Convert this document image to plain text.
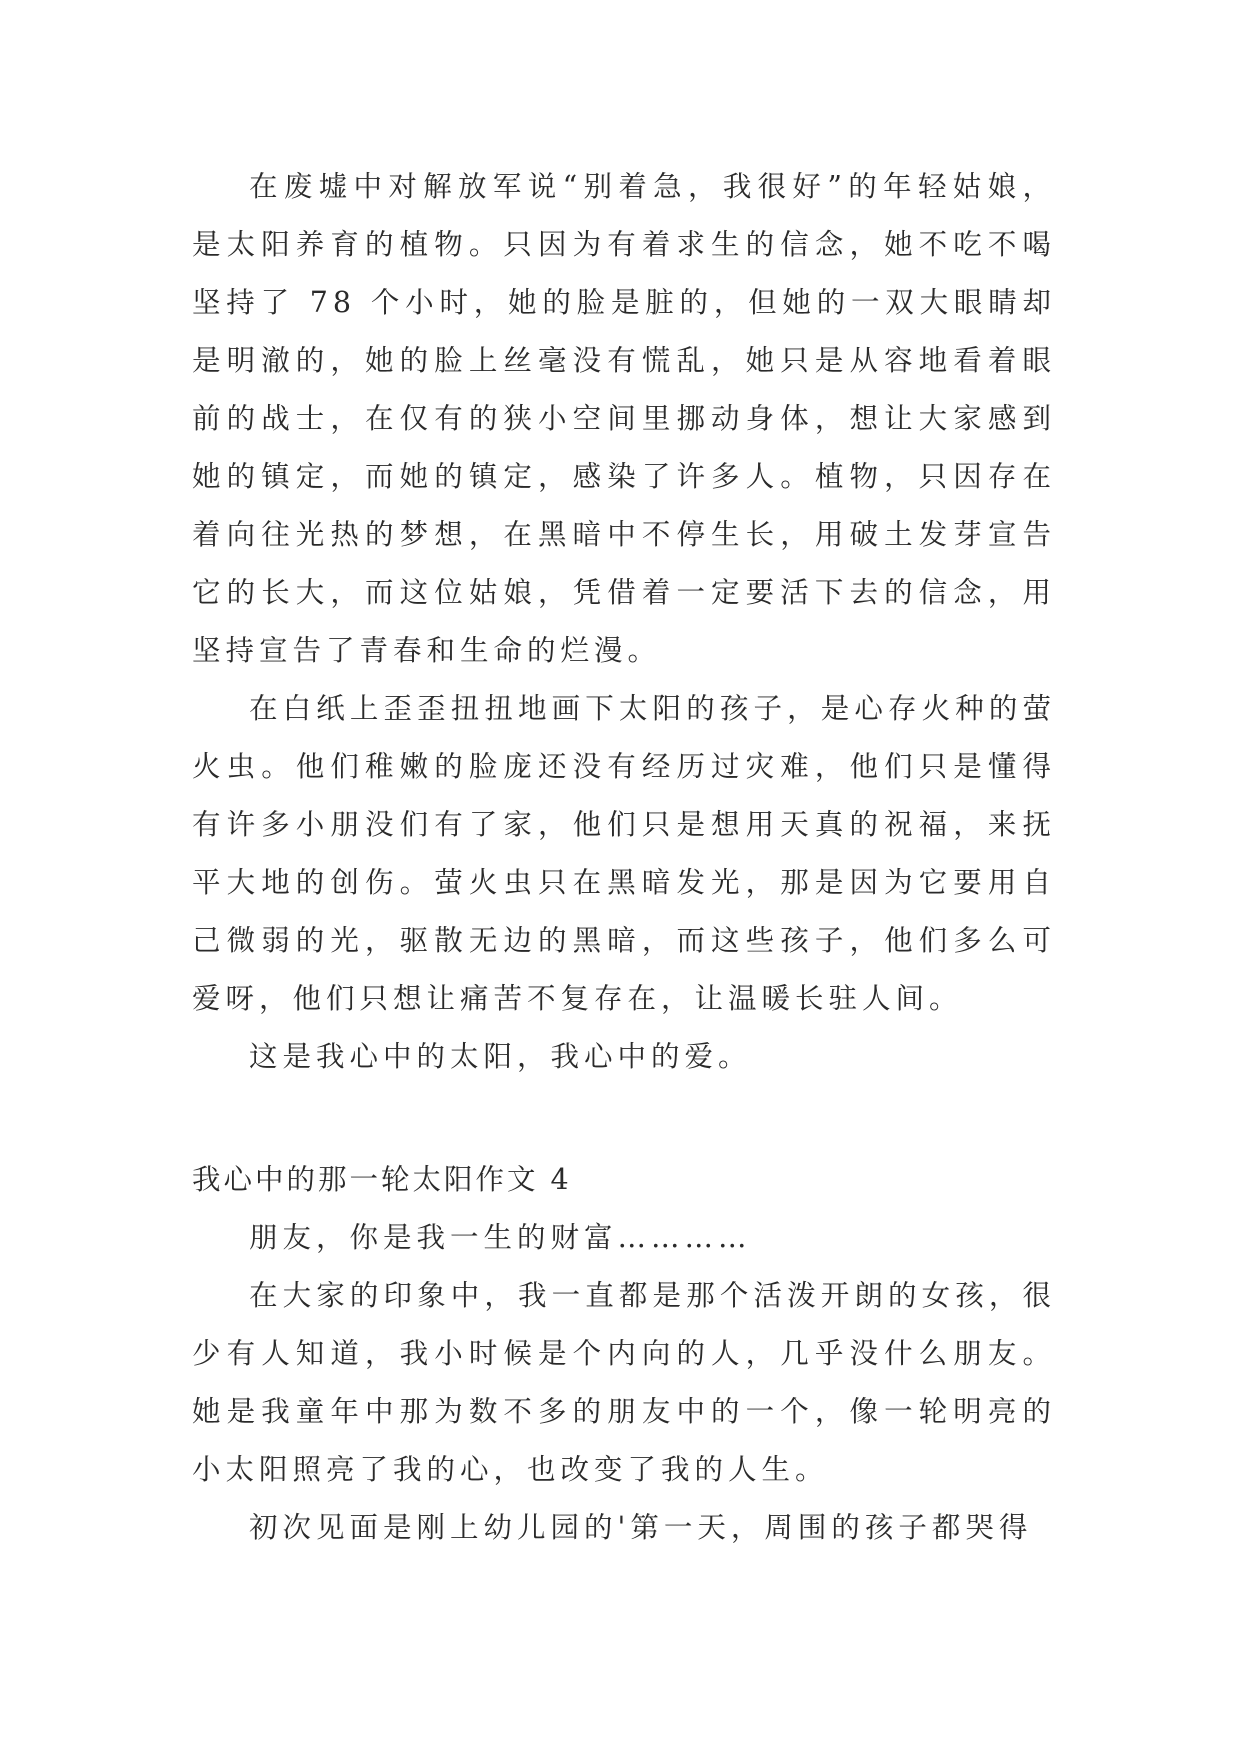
在废墟中对解放军说“别着急，我很好”的年轻姑娘，是太阳养育的植物。只因为有着求生的信念，她不吃不喝坚持了 78 个小时，她的脸是脏的，但她的一双大眼睛却是明澈的，她的脸上丝毫没有慌乱，她只是从容地看着眼前的战士，在仅有的狭小空间里挪动身体，想让大家感到她的镇定，而她的镇定，感染了许多人。植物，只因存在着向往光热的梦想，在黑暗中不停生长，用破土发芽宣告它的长大，而这位姑娘，凭借着一定要活下去的信念，用坚持宣告了青春和生命的烂漫。

在白纸上歪歪扭扭地画下太阳的孩子，是心存火种的萤火虫。他们稚嫩的脸庞还没有经历过灾难，他们只是懂得有许多小朋没们有了家，他们只是想用天真的祝福，来抚平大地的创伤。萤火虫只在黑暗发光，那是因为它要用自己微弱的光，驱散无边的黑暗，而这些孩子，他们多么可爱呀，他们只想让痛苦不复存在，让温暖长驻人间。

这是我心中的太阳，我心中的爱。

我心中的那一轮太阳作文 4

朋友，你是我一生的财富…………

在大家的印象中，我一直都是那个活泼开朗的女孩，很少有人知道，我小时候是个内向的人，几乎没什么朋友。她是我童年中那为数不多的朋友中的一个，像一轮明亮的小太阳照亮了我的心，也改变了我的人生。

初次见面是刚上幼儿园的'第一天，周围的孩子都哭得
